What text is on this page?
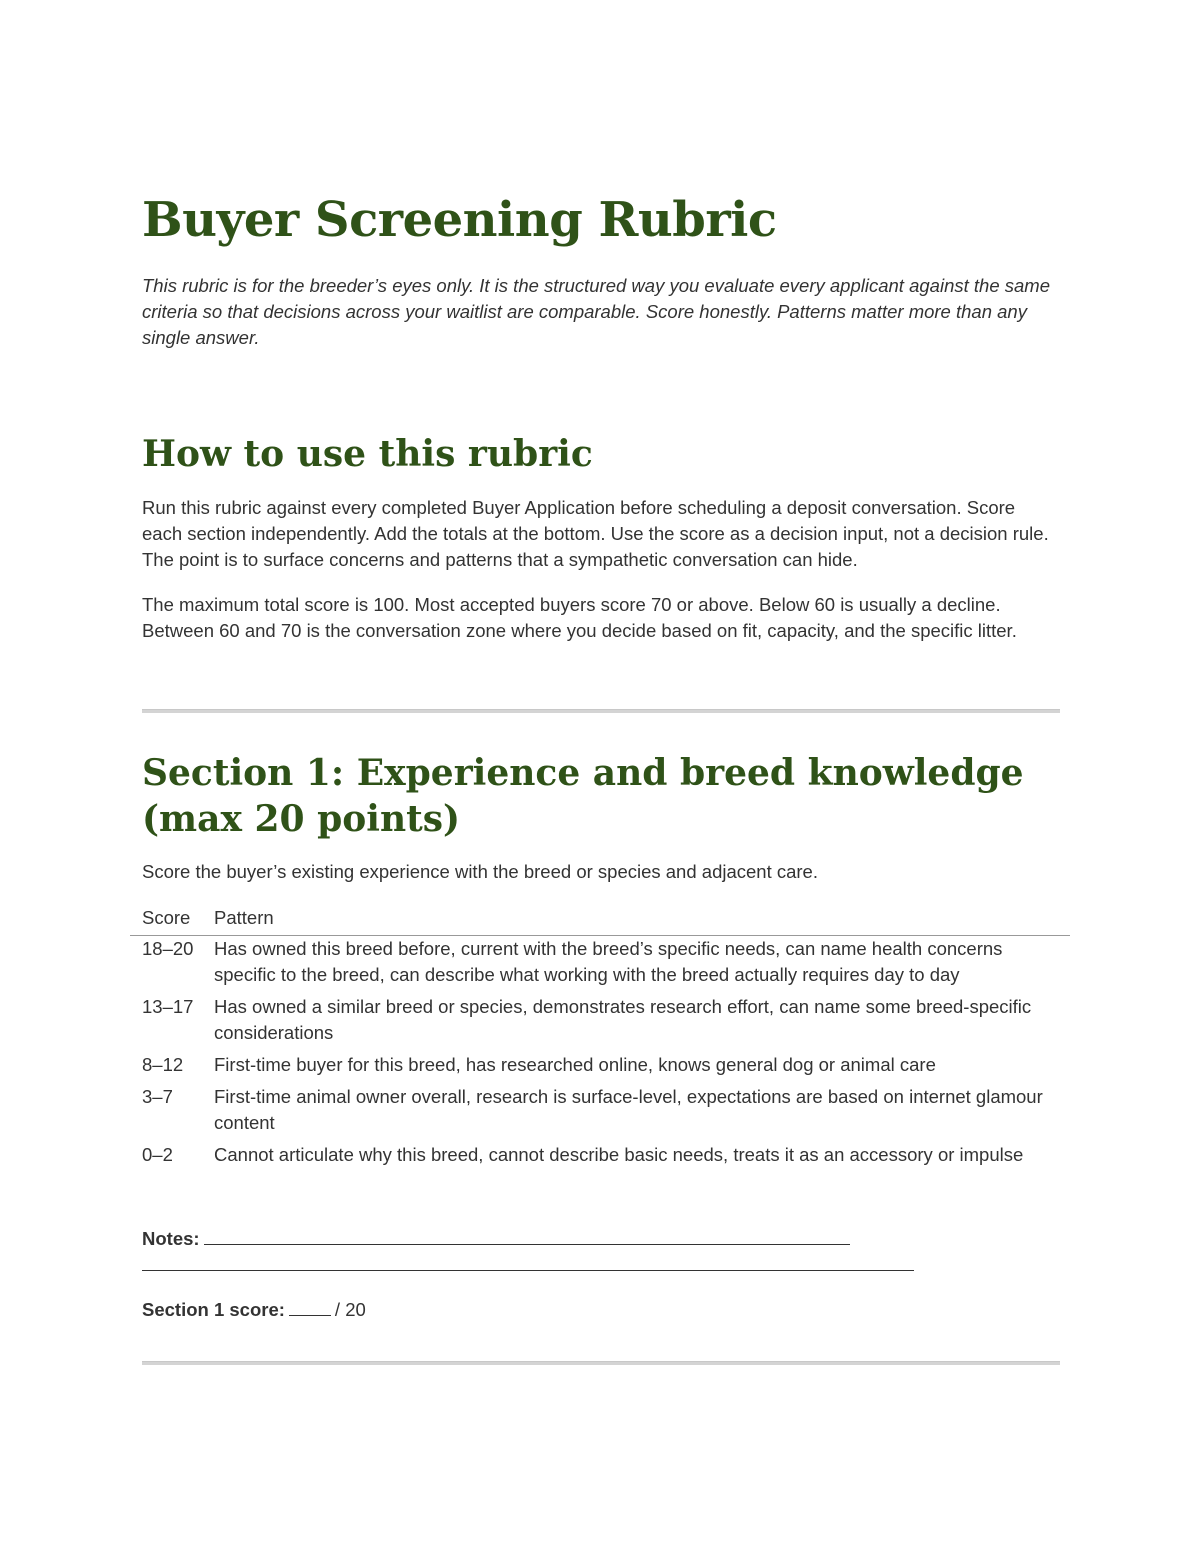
Buyer Screening Rubric

This rubric is for the breeder’s eyes only. It is the structured way you evaluate every applicant against the same criteria so that decisions across your waitlist are comparable. Score honestly. Patterns matter more than any single answer.

How to use this rubric

Run this rubric against every completed Buyer Application before scheduling a deposit conversation. Score each section independently. Add the totals at the bottom. Use the score as a decision input, not a decision rule. The point is to surface concerns and patterns that a sympathetic conversation can hide.

The maximum total score is 100. Most accepted buyers score 70 or above. Below 60 is usually a decline. Between 60 and 70 is the conversation zone where you decide based on fit, capacity, and the specific litter.

Section 1: Experience and breed knowledge (max 20 points)

Score the buyer’s existing experience with the breed or species and adjacent care.

Score	Pattern
18–20	Has owned this breed before, current with the breed’s specific needs, can name health concerns specific to the breed, can describe what working with the breed actually requires day to day
13–17	Has owned a similar breed or species, demonstrates research effort, can name some breed-specific considerations
8–12	First-time buyer for this breed, has researched online, knows general dog or animal care
3–7	First-time animal owner overall, research is surface-level, expectations are based on internet glamour content
0–2	Cannot articulate why this breed, cannot describe basic needs, treats it as an accessory or impulse

Notes:

Section 1 score:	/ 20
